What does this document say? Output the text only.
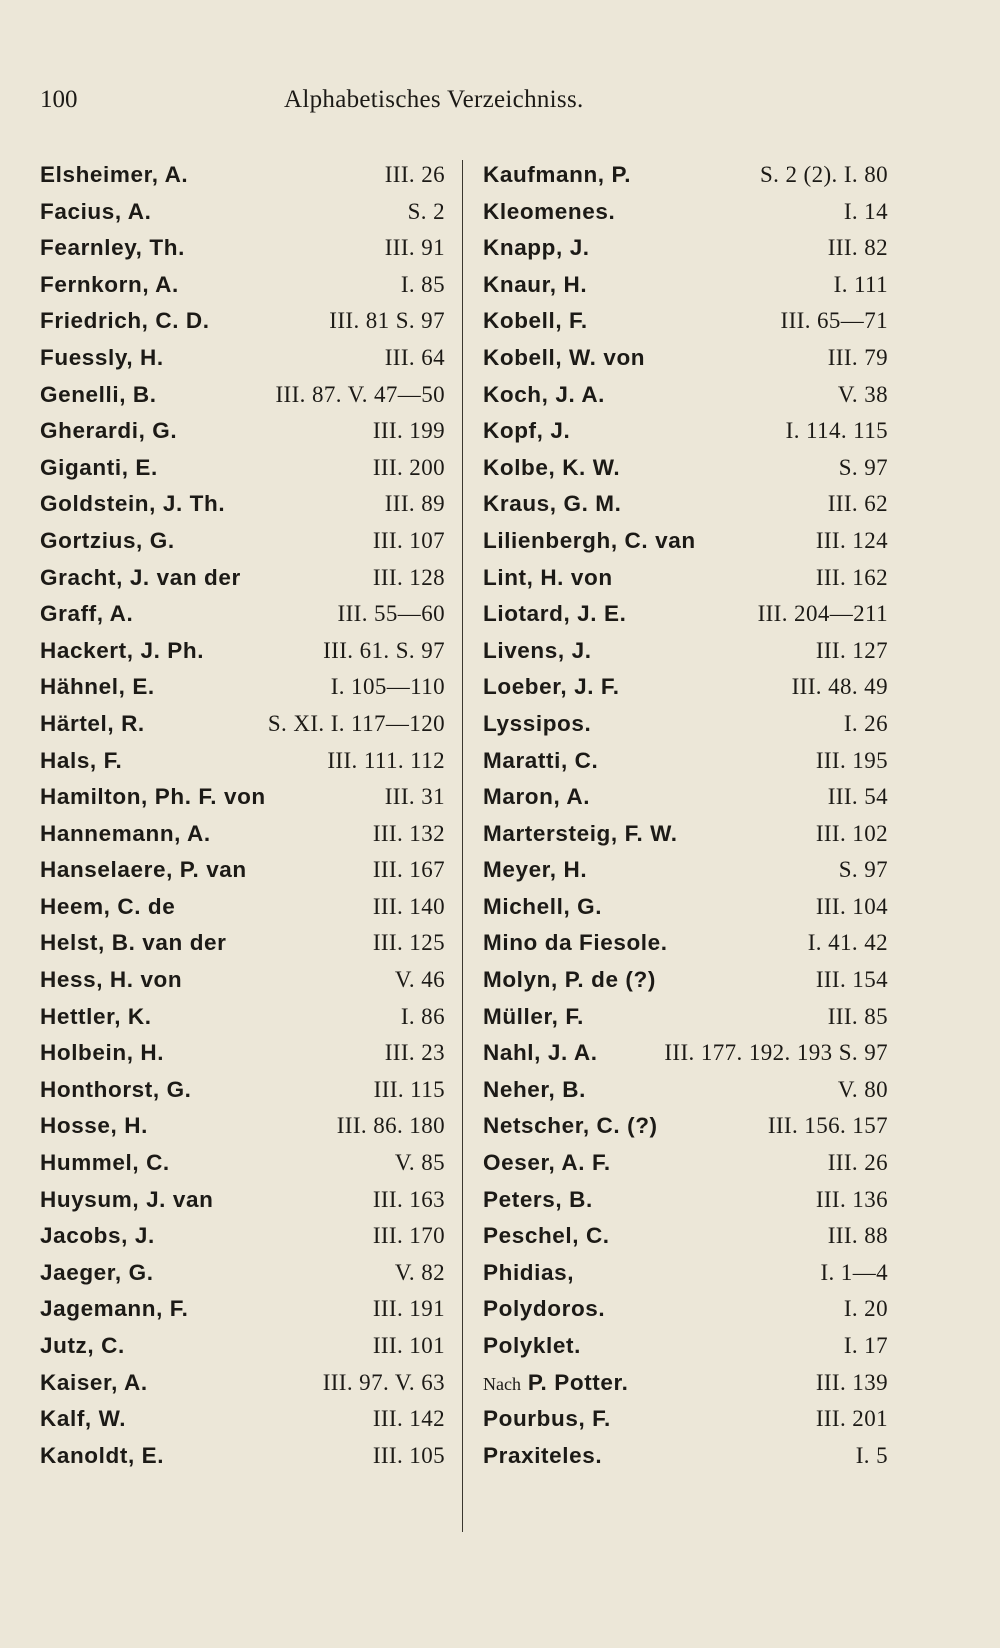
100	Alphabetisches Verzeichniss.
Elsheimer, A.	III. 26
Facius, A.	S. 2
Fearnley, Th.	III. 91
Fernkorn, A.	I. 85
Friedrich, C. D.	III. 81 S. 97
Fuessly, H.	III. 64
Genelli, B.	III. 87. V. 47—50
Gherardi, G.	III. 199
Giganti, E.	III. 200
Goldstein, J. Th.	III. 89
Gortzius, G.	III. 107
Gracht, J. van der	III. 128
Graff, A.	III. 55—60
Hackert, J. Ph.	III. 61. S. 97
Hähnel, E.	I. 105—110
Härtel, R.	S. XI. I. 117—120
Hals, F.	III. 111. 112
Hamilton, Ph. F. von	III. 31
Hannemann, A.	III. 132
Hanselaere, P. van	III. 167
Heem, C. de	III. 140
Helst, B. van der	III. 125
Hess, H. von	V. 46
Hettler, K.	I. 86
Holbein, H.	III. 23
Honthorst, G.	III. 115
Hosse, H.	III. 86. 180
Hummel, C.	V. 85
Huysum, J. van	III. 163
Jacobs, J.	III. 170
Jaeger, G.	V. 82
Jagemann, F.	III. 191
Jutz, C.	III. 101
Kaiser, A.	III. 97. V. 63
Kalf, W.	III. 142
Kanoldt, E.	III. 105
Kaufmann, P.	S. 2 (2). I. 80
Kleomenes.	I. 14
Knapp, J.	III. 82
Knaur, H.	I. 111
Kobell, F.	III. 65—71
Kobell, W. von	III. 79
Koch, J. A.	V. 38
Kopf, J.	I. 114. 115
Kolbe, K. W.	S. 97
Kraus, G. M.	III. 62
Lilienbergh, C. van	III. 124
Lint, H. von	III. 162
Liotard, J. E.	III. 204—211
Livens, J.	III. 127
Loeber, J. F.	III. 48. 49
Lyssipos.	I. 26
Maratti, C.	III. 195
Maron, A.	III. 54
Martersteig, F. W.	III. 102
Meyer, H.	S. 97
Michell, G.	III. 104
Mino da Fiesole.	I. 41. 42
Molyn, P. de (?)	III. 154
Müller, F.	III. 85
Nahl, J. A.	III. 177. 192. 193 S. 97
Neher, B.	V. 80
Netscher, C. (?)	III. 156. 157
Oeser, A. F.	III. 26
Peters, B.	III. 136
Peschel, C.	III. 88
Phidias,	I. 1—4
Polydoros.	I. 20
Polyklet.	I. 17
Nach P. Potter.	III. 139
Pourbus, F.	III. 201
Praxiteles.	I. 5
